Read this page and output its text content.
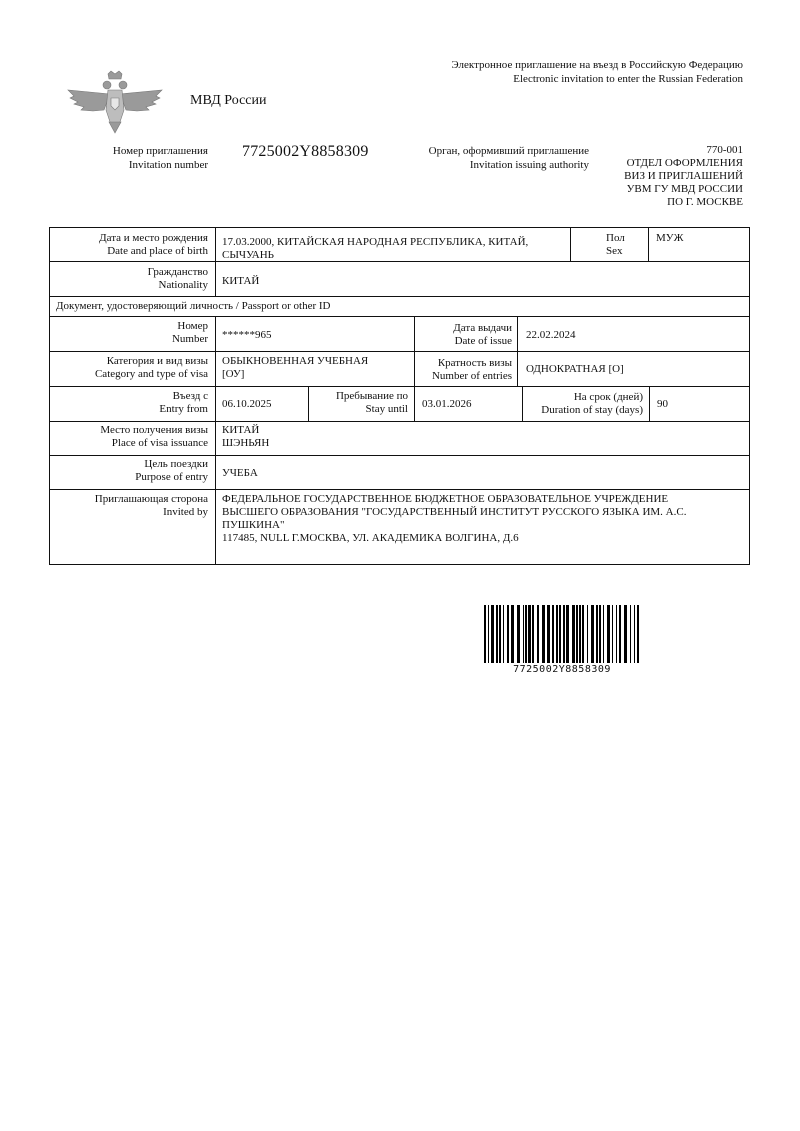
Электронное приглашение на въезд в Российскую Федерацию
Electronic invitation to enter the Russian Federation
МВД России
Номер приглашения
Invitation number
7725002Y8858309	Орган, оформивший приглашение
Invitation issuing authority
770-001
ОТДЕЛ ОФОРМЛЕНИЯ
ВИЗ И ПРИГЛАШЕНИЙ
УВМ ГУ МВД РОССИИ
ПО Г. МОСКВЕ
Дата и место рождения
Date and place of birth
17.03.2000, КИТАЙСКАЯ НАРОДНАЯ РЕСПУБЛИКА, КИТАЙ,
СЫЧУАНЬ
Пол
Sex
МУЖ
Гражданство
Nationality КИТАЙ
Документ, удостоверяющий личность / Passport or other ID
Номер
Number ******965
Дата выдачи
Date of issue 22.02.2024
Категория и вид визы
Category and type of visa
ОБЫКНОВЕННАЯ УЧЕБНАЯ
[ОУ]
Кратность визы
Number of entries
ОДНОКРАТНАЯ [О]
Въезд с
Entry from 06.10.2025
Пребывание по
Stay until 03.01.2026
На срок (дней)
Duration of stay (days) 90
Место получения визы
Place of visa issuance
КИТАЙ
ШЭНЬЯН
Цель поездки
Purpose of entry УЧЕБА
Приглашающая сторона
Invited by
ФЕДЕРАЛЬНОЕ ГОСУДАРСТВЕННОЕ БЮДЖЕТНОЕ ОБРАЗОВАТЕЛЬНОЕ УЧРЕЖДЕНИЕ
ВЫСШЕГО ОБРАЗОВАНИЯ "ГОСУДАРСТВЕННЫЙ ИНСТИТУТ РУССКОГО ЯЗЫКА ИМ. А.С.
ПУШКИНА"
117485, NULL Г.МОСКВА, УЛ. АКАДЕМИКА ВОЛГИНА, Д.6
7725002Y8858309
